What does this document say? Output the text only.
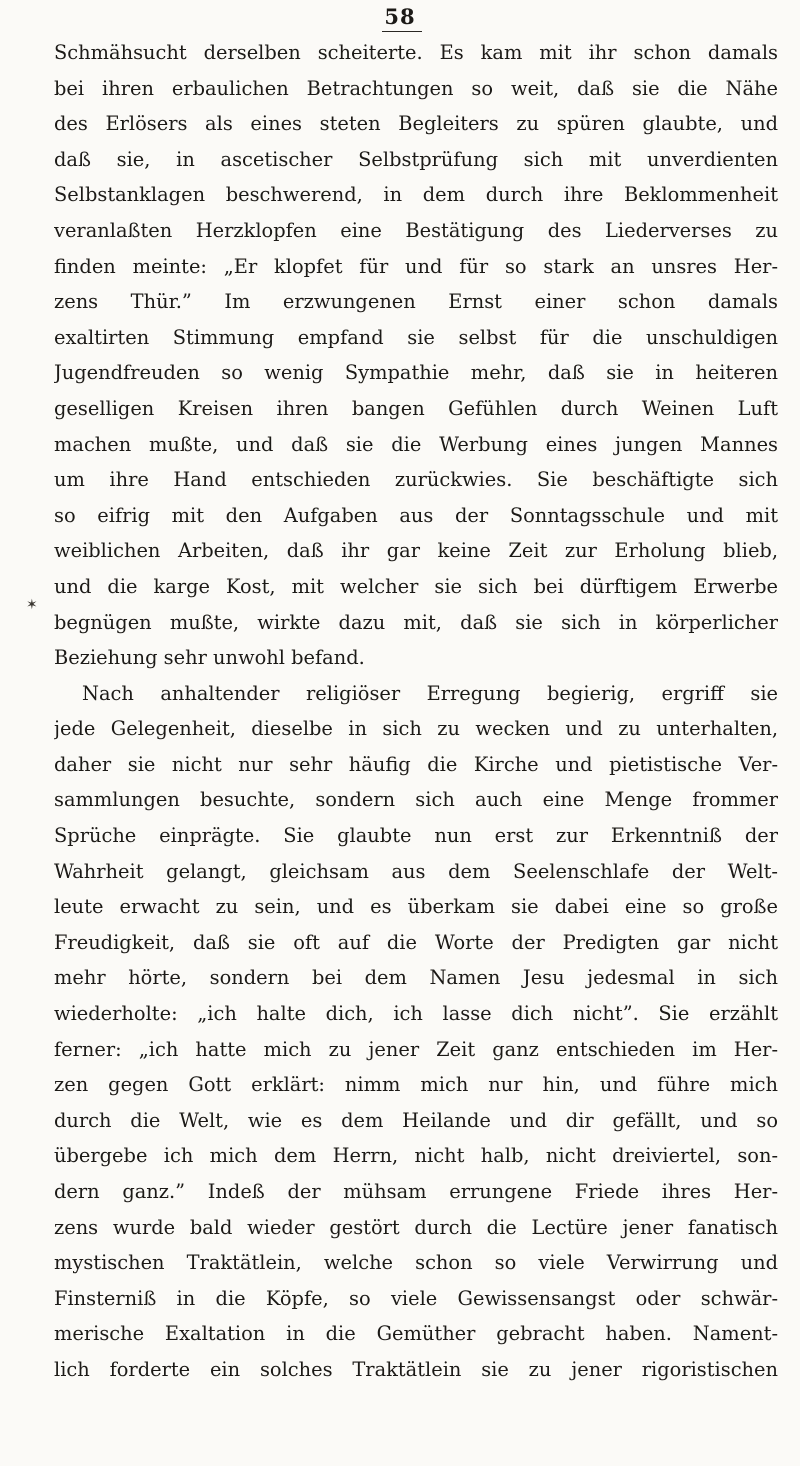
58
✶
Schmähsucht derselben scheiterte. Es kam mit ihr schon damals
bei ihren erbaulichen Betrachtungen so weit, daß sie die Nähe
des Erlösers als eines steten Begleiters zu spüren glaubte, und
daß sie, in ascetischer Selbstprüfung sich mit unverdienten
Selbstanklagen beschwerend, in dem durch ihre Beklommenheit
veranlaßten Herzklopfen eine Bestätigung des Liederverses zu
finden meinte: „Er klopfet für und für so stark an unsres Her-
zens Thür.” Im erzwungenen Ernst einer schon damals
exaltirten Stimmung empfand sie selbst für die unschuldigen
Jugendfreuden so wenig Sympathie mehr, daß sie in heiteren
geselligen Kreisen ihren bangen Gefühlen durch Weinen Luft
machen mußte, und daß sie die Werbung eines jungen Mannes
um ihre Hand entschieden zurückwies. Sie beschäftigte sich
so eifrig mit den Aufgaben aus der Sonntagsschule und mit
weiblichen Arbeiten, daß ihr gar keine Zeit zur Erholung blieb,
und die karge Kost, mit welcher sie sich bei dürftigem Erwerbe
begnügen mußte, wirkte dazu mit, daß sie sich in körperlicher
Beziehung sehr unwohl befand.
Nach anhaltender religiöser Erregung begierig, ergriff sie
jede Gelegenheit, dieselbe in sich zu wecken und zu unterhalten,
daher sie nicht nur sehr häufig die Kirche und pietistische Ver-
sammlungen besuchte, sondern sich auch eine Menge frommer
Sprüche einprägte. Sie glaubte nun erst zur Erkenntniß der
Wahrheit gelangt, gleichsam aus dem Seelenschlafe der Welt-
leute erwacht zu sein, und es überkam sie dabei eine so große
Freudigkeit, daß sie oft auf die Worte der Predigten gar nicht
mehr hörte, sondern bei dem Namen Jesu jedesmal in sich
wiederholte: „ich halte dich, ich lasse dich nicht”. Sie erzählt
ferner: „ich hatte mich zu jener Zeit ganz entschieden im Her-
zen gegen Gott erklärt: nimm mich nur hin, und führe mich
durch die Welt, wie es dem Heilande und dir gefällt, und so
übergebe ich mich dem Herrn, nicht halb, nicht dreiviertel, son-
dern ganz.” Indeß der mühsam errungene Friede ihres Her-
zens wurde bald wieder gestört durch die Lectüre jener fanatisch
mystischen Traktätlein, welche schon so viele Verwirrung und
Finsterniß in die Köpfe, so viele Gewissensangst oder schwär-
merische Exaltation in die Gemüther gebracht haben. Nament-
lich forderte ein solches Traktätlein sie zu jener rigoristischen
